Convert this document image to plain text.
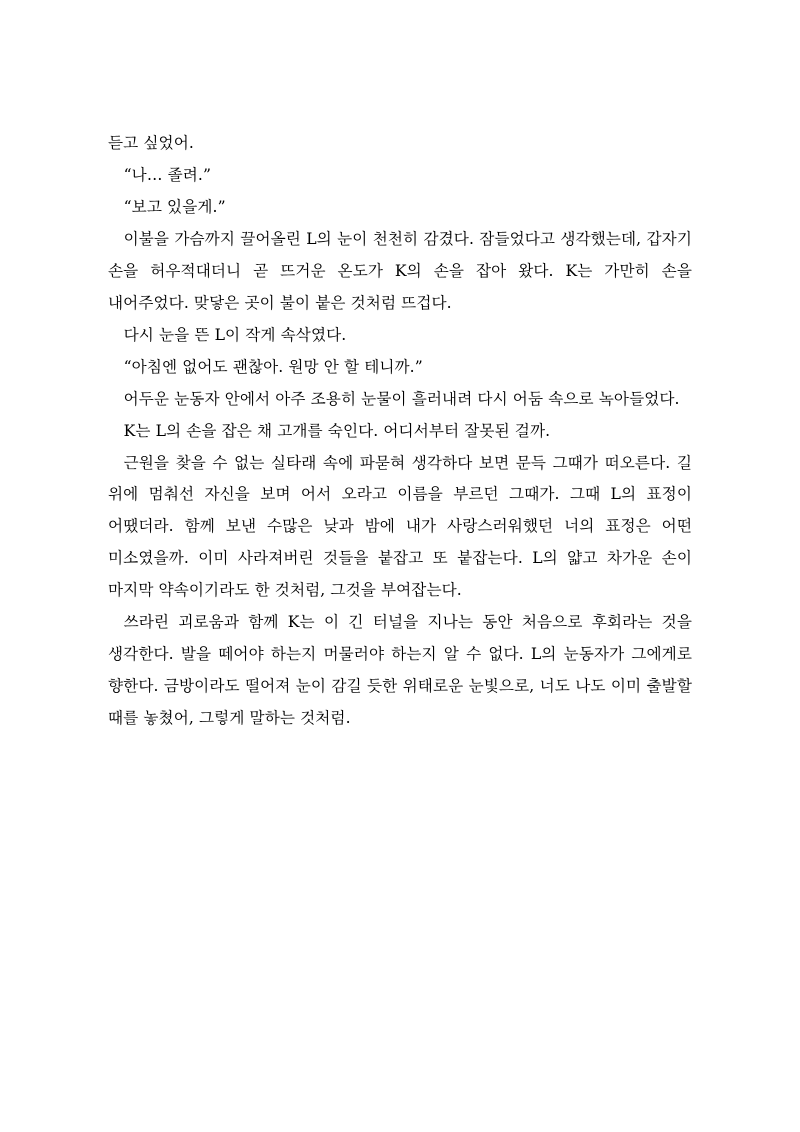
듣고 싶었어.

“나… 졸려.”

“보고 있을게.”

이불을 가슴까지 끌어올린 L의 눈이 천천히 감겼다. 잠들었다고 생각했는데, 갑자기 손을 허우적대더니 곧 뜨거운 온도가 K의 손을 잡아 왔다. K는 가만히 손을 내어주었다. 맞닿은 곳이 불이 붙은 것처럼 뜨겁다.

다시 눈을 뜬 L이 작게 속삭였다.

“아침엔 없어도 괜찮아. 원망 안 할 테니까.”

어두운 눈동자 안에서 아주 조용히 눈물이 흘러내려 다시 어둠 속으로 녹아들었다.

K는 L의 손을 잡은 채 고개를 숙인다. 어디서부터 잘못된 걸까.

근원을 찾을 수 없는 실타래 속에 파묻혀 생각하다 보면 문득 그때가 떠오른다. 길 위에 멈춰선 자신을 보며 어서 오라고 이름을 부르던 그때가. 그때 L의 표정이 어땠더라. 함께 보낸 수많은 낮과 밤에 내가 사랑스러워했던 너의 표정은 어떤 미소였을까. 이미 사라져버린 것들을 붙잡고 또 붙잡는다. L의 얇고 차가운 손이 마지막 약속이기라도 한 것처럼, 그것을 부여잡는다.

쓰라린 괴로움과 함께 K는 이 긴 터널을 지나는 동안 처음으로 후회라는 것을 생각한다. 발을 떼어야 하는지 머물러야 하는지 알 수 없다. L의 눈동자가 그에게로 향한다. 금방이라도 떨어져 눈이 감길 듯한 위태로운 눈빛으로, 너도 나도 이미 출발할 때를 놓쳤어, 그렇게 말하는 것처럼.
